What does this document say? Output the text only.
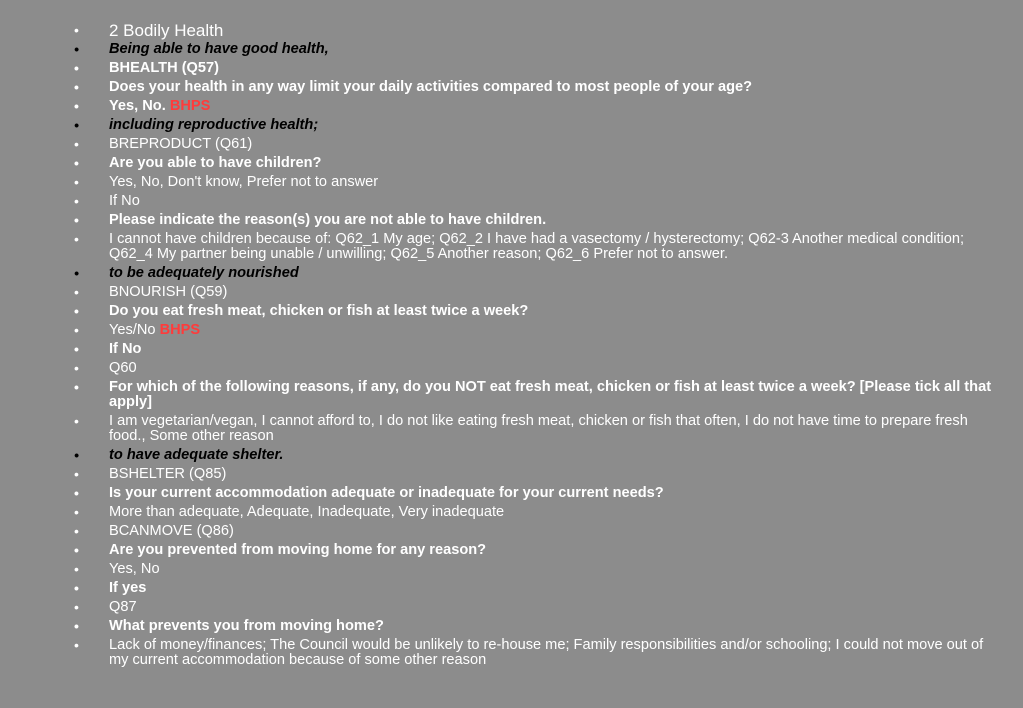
• 2 Bodily Health
• Being able to have good health,
• BHEALTH (Q57)
• Does your health in any way limit your daily activities compared to most people of your age?
• Yes, No. BHPS
• including reproductive health;
• BREPRODUCT (Q61)
• Are you able to have children?
• Yes, No, Don't know, Prefer not to answer
• If No
• Please indicate the reason(s) you are not able to have children.
• I cannot have children because of: Q62_1 My age; Q62_2 I have had a vasectomy / hysterectomy; Q62-3 Another medical condition; Q62_4 My partner being unable / unwilling; Q62_5 Another reason; Q62_6 Prefer not to answer.
• to be adequately nourished
• BNOURISH (Q59)
• Do you eat fresh meat, chicken or fish at least twice a week?
• Yes/No BHPS
• If No
• Q60
• For which of the following reasons, if any, do you NOT eat fresh meat, chicken or fish at least twice a week? [Please tick all that apply]
• I am vegetarian/vegan, I cannot afford to, I do not like eating fresh meat, chicken or fish that often, I do not have time to prepare fresh food., Some other reason
• to have adequate shelter.
• BSHELTER (Q85)
• Is your current accommodation adequate or inadequate for your current needs?
• More than adequate, Adequate, Inadequate, Very inadequate
• BCANMOVE (Q86)
• Are you prevented from moving home for any reason?
• Yes, No
• If yes
• Q87
• What prevents you from moving home?
• Lack of money/finances; The Council would be unlikely to re-house me; Family responsibilities and/or schooling; I could not move out of my current accommodation because of some other reason
